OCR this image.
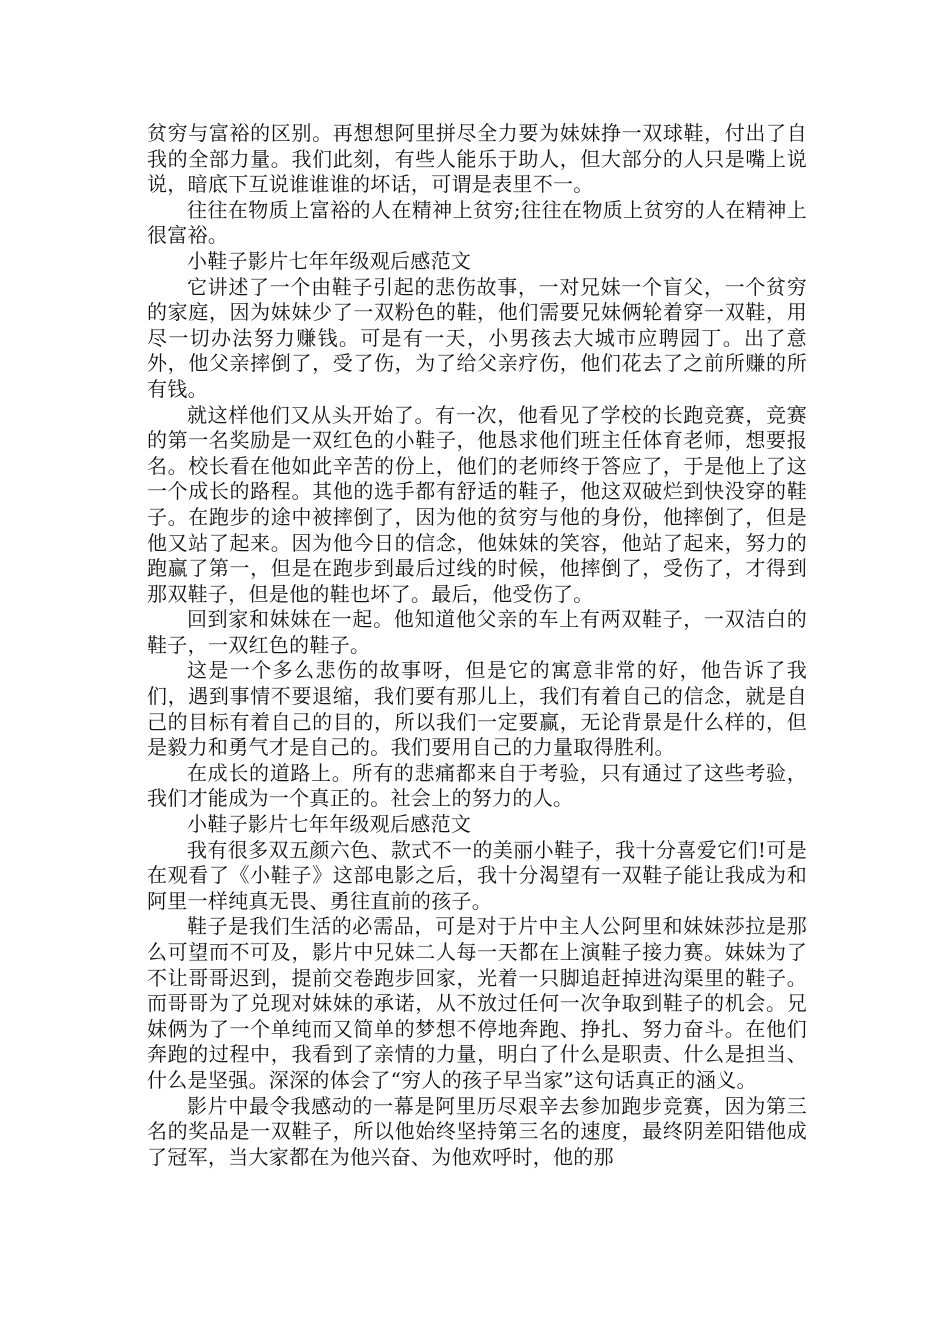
贫穷与富裕的区别。再想想阿里拼尽全力要为妹妹挣一双球鞋，付出了自我的全部力量。我们此刻，有些人能乐于助人，但大部分的人只是嘴上说说，暗底下互说谁谁谁的坏话，可谓是表里不一。

往往在物质上富裕的人在精神上贫穷;往往在物质上贫穷的人在精神上很富裕。

小鞋子影片七年年级观后感范文

它讲述了一个由鞋子引起的悲伤故事，一对兄妹一个盲父，一个贫穷的家庭，因为妹妹少了一双粉色的鞋，他们需要兄妹俩轮着穿一双鞋，用尽一切办法努力赚钱。可是有一天，小男孩去大城市应聘园丁。出了意外，他父亲摔倒了，受了伤，为了给父亲疗伤，他们花去了之前所赚的所有钱。

就这样他们又从头开始了。有一次，他看见了学校的长跑竞赛，竞赛的第一名奖励是一双红色的小鞋子，他恳求他们班主任体育老师，想要报名。校长看在他如此辛苦的份上，他们的老师终于答应了，于是他上了这一个成长的路程。其他的选手都有舒适的鞋子，他这双破烂到快没穿的鞋子。在跑步的途中被摔倒了，因为他的贫穷与他的身份，他摔倒了，但是他又站了起来。因为他今日的信念，他妹妹的笑容，他站了起来，努力的跑赢了第一，但是在跑步到最后过线的时候，他摔倒了，受伤了，才得到那双鞋子，但是他的鞋也坏了。最后，他受伤了。

回到家和妹妹在一起。他知道他父亲的车上有两双鞋子，一双洁白的鞋子，一双红色的鞋子。

这是一个多么悲伤的故事呀，但是它的寓意非常的好，他告诉了我们，遇到事情不要退缩，我们要有那儿上，我们有着自己的信念，就是自己的目标有着自己的目的，所以我们一定要赢，无论背景是什么样的，但是毅力和勇气才是自己的。我们要用自己的力量取得胜利。

在成长的道路上。所有的悲痛都来自于考验，只有通过了这些考验，我们才能成为一个真正的。社会上的努力的人。

小鞋子影片七年年级观后感范文

我有很多双五颜六色、款式不一的美丽小鞋子，我十分喜爱它们!可是在观看了《小鞋子》这部电影之后，我十分渴望有一双鞋子能让我成为和阿里一样纯真无畏、勇往直前的孩子。

鞋子是我们生活的必需品，可是对于片中主人公阿里和妹妹莎拉是那么可望而不可及，影片中兄妹二人每一天都在上演鞋子接力赛。妹妹为了不让哥哥迟到，提前交卷跑步回家，光着一只脚追赶掉进沟渠里的鞋子。而哥哥为了兑现对妹妹的承诺，从不放过任何一次争取到鞋子的机会。兄妹俩为了一个单纯而又简单的梦想不停地奔跑、挣扎、努力奋斗。在他们奔跑的过程中，我看到了亲情的力量，明白了什么是职责、什么是担当、什么是坚强。深深的体会了“穷人的孩子早当家”这句话真正的涵义。

影片中最令我感动的一幕是阿里历尽艰辛去参加跑步竞赛，因为第三名的奖品是一双鞋子，所以他始终坚持第三名的速度，最终阴差阳错他成了冠军，当大家都在为他兴奋、为他欢呼时，他的那
